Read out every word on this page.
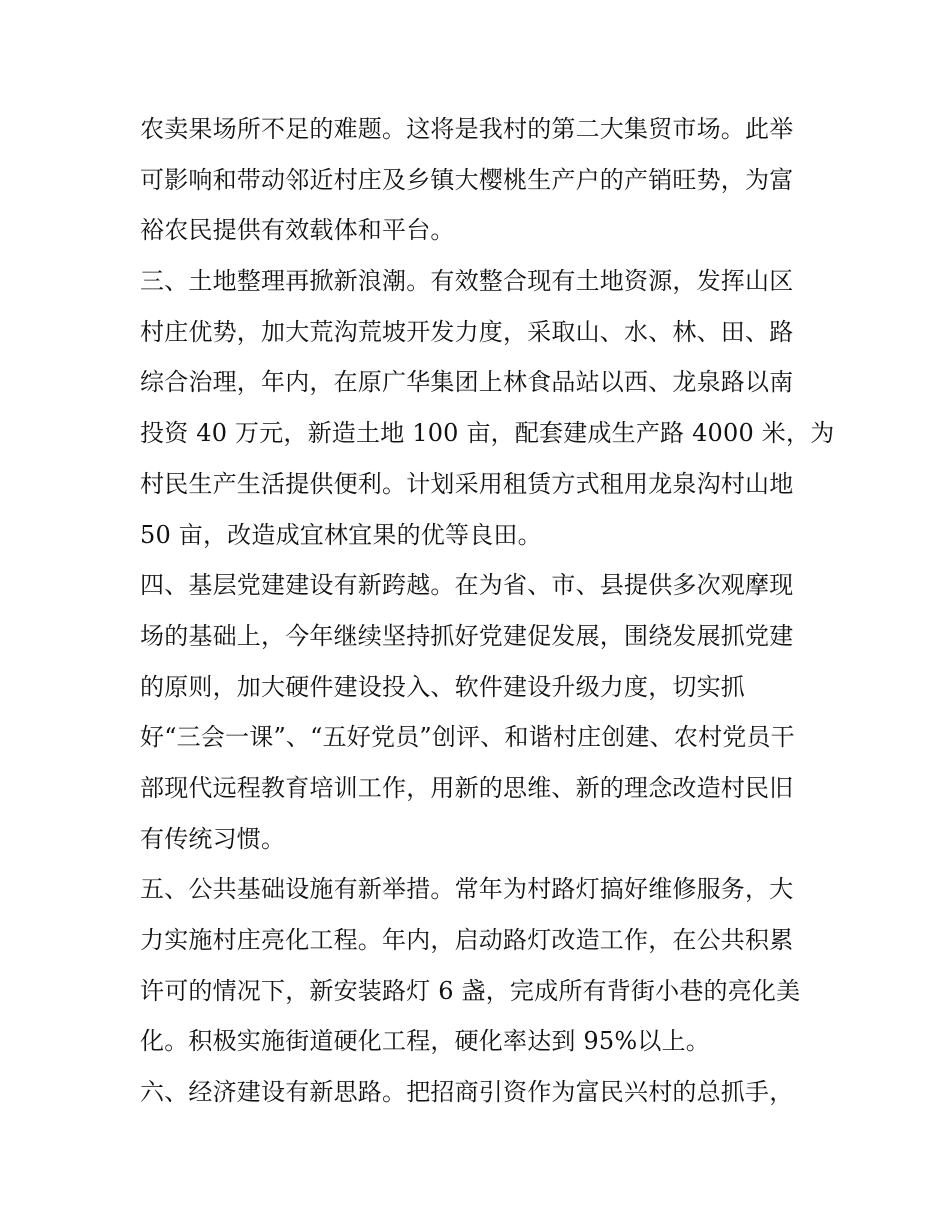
农卖果场所不足的难题。这将是我村的第二大集贸市场。此举
可影响和带动邻近村庄及乡镇大樱桃生产户的产销旺势，为富
裕农民提供有效载体和平台。
三、土地整理再掀新浪潮。有效整合现有土地资源，发挥山区
村庄优势，加大荒沟荒坡开发力度，采取山、水、林、田、路
综合治理，年内，在原广华集团上林食品站以西、龙泉路以南
投资 40 万元，新造土地 100 亩，配套建成生产路 4000 米，为
村民生产生活提供便利。计划采用租赁方式租用龙泉沟村山地
50 亩，改造成宜林宜果的优等良田。
四、基层党建建设有新跨越。在为省、市、县提供多次观摩现
场的基础上，今年继续坚持抓好党建促发展，围绕发展抓党建
的原则，加大硬件建设投入、软件建设升级力度，切实抓
好“三会一课”、“五好党员”创评、和谐村庄创建、农村党员干
部现代远程教育培训工作，用新的思维、新的理念改造村民旧
有传统习惯。
五、公共基础设施有新举措。常年为村路灯搞好维修服务，大
力实施村庄亮化工程。年内，启动路灯改造工作，在公共积累
许可的情况下，新安装路灯 6 盏，完成所有背街小巷的亮化美
化。积极实施街道硬化工程，硬化率达到 95%以上。
六、经济建设有新思路。把招商引资作为富民兴村的总抓手，
